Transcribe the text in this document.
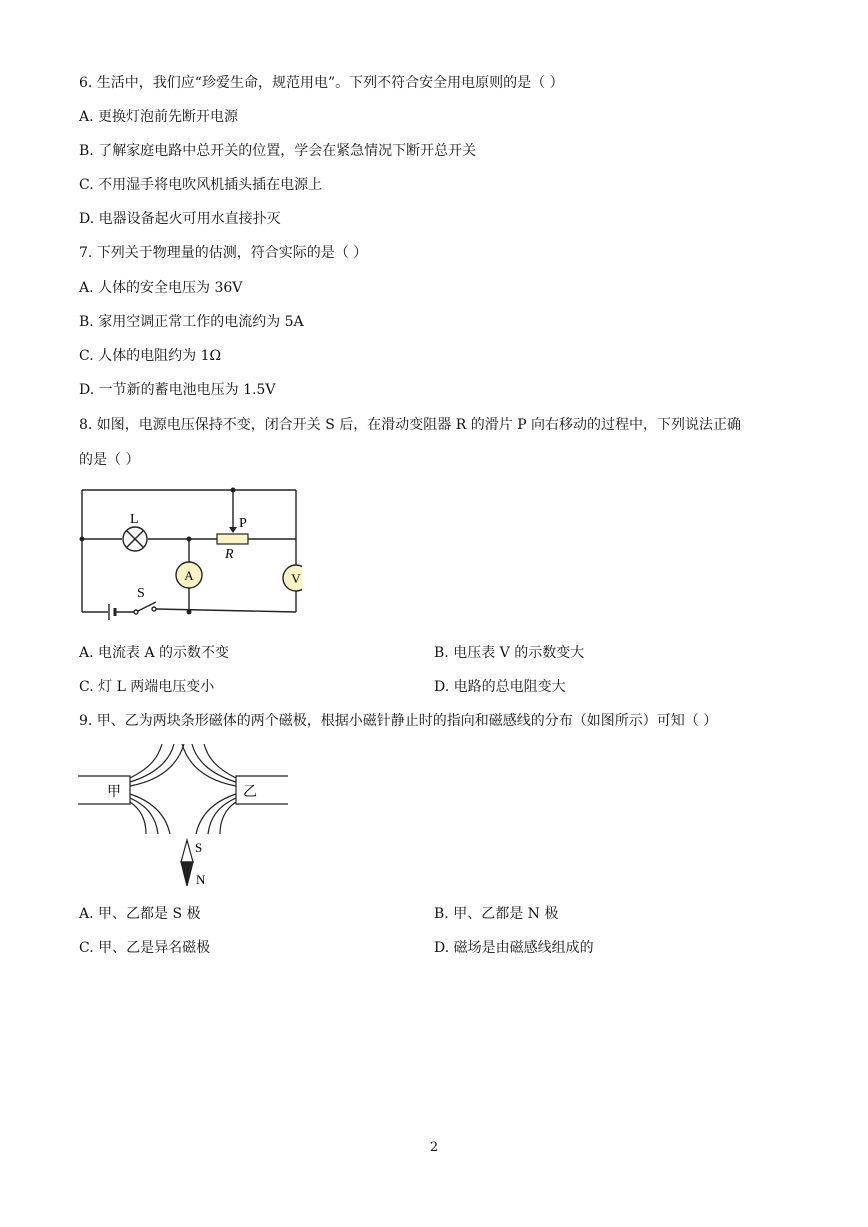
6. 生活中，我们应“珍爱生命，规范用电”。下列不符合安全用电原则的是（ ）
A. 更换灯泡前先断开电源
B. 了解家庭电路中总开关的位置，学会在紧急情况下断开总开关
C. 不用湿手将电吹风机插头插在电源上
D. 电器设备起火可用水直接扑灭
7. 下列关于物理量的估测，符合实际的是（ ）
A. 人体的安全电压为 36V
B. 家用空调正常工作的电流约为 5A
C. 人体的电阻约为 1Ω
D. 一节新的蓄电池电压为 1.5V
8. 如图，电源电压保持不变，闭合开关 S 后，在滑动变阻器 R 的滑片 P 向右移动的过程中，下列说法正确
的是（ ）
L	P
R
A	V
S
A. 电流表 A 的示数不变	B. 电压表 V 的示数变大
C. 灯 L 两端电压变小	D. 电路的总电阻变大
9. 甲、乙为两块条形磁体的两个磁极，根据小磁针静止时的指向和磁感线的分布（如图所示）可知（ ）
甲	乙
S
N
A. 甲、乙都是 S 极	B. 甲、乙都是 N 极
C. 甲、乙是异名磁极	D. 磁场是由磁感线组成的
2
